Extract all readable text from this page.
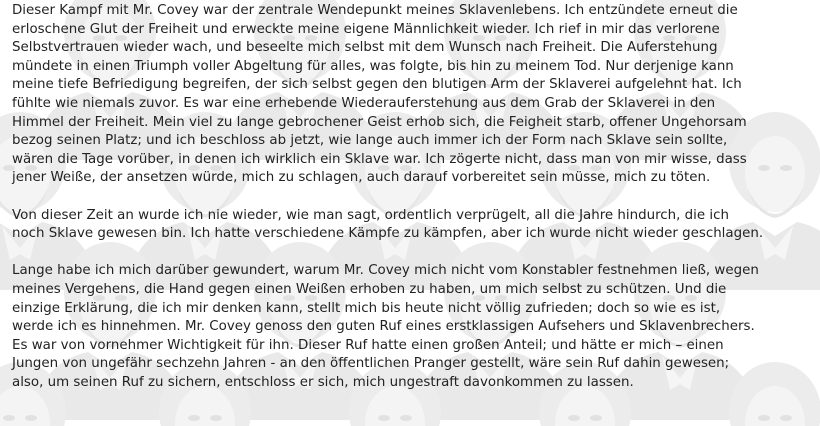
Dieser Kampf mit Mr. Covey war der zentrale Wendepunkt meines Sklavenlebens. Ich entzündete erneut die
erloschene Glut der Freiheit und erweckte meine eigene Männlichkeit wieder. Ich rief in mir das verlorene
Selbstvertrauen wieder wach, und beseelte mich selbst mit dem Wunsch nach Freiheit. Die Auferstehung
mündete in einen Triumph voller Abgeltung für alles, was folgte, bis hin zu meinem Tod. Nur derjenige kann
meine tiefe Befriedigung begreifen, der sich selbst gegen den blutigen Arm der Sklaverei aufgelehnt hat. Ich
fühlte wie niemals zuvor. Es war eine erhebende Wiederauferstehung aus dem Grab der Sklaverei in den
Himmel der Freiheit. Mein viel zu lange gebrochener Geist erhob sich, die Feigheit starb, offener Ungehorsam
bezog seinen Platz; und ich beschloss ab jetzt, wie lange auch immer ich der Form nach Sklave sein sollte,
wären die Tage vorüber, in denen ich wirklich ein Sklave war. Ich zögerte nicht, dass man von mir wisse, dass
jener Weiße, der ansetzen würde, mich zu schlagen, auch darauf vorbereitet sein müsse, mich zu töten.
Von dieser Zeit an wurde ich nie wieder, wie man sagt, ordentlich verprügelt, all die Jahre hindurch, die ich
noch Sklave gewesen bin. Ich hatte verschiedene Kämpfe zu kämpfen, aber ich wurde nicht wieder geschlagen.
Lange habe ich mich darüber gewundert, warum Mr. Covey mich nicht vom Konstabler festnehmen ließ, wegen
meines Vergehens, die Hand gegen einen Weißen erhoben zu haben, um mich selbst zu schützen. Und die
einzige Erklärung, die ich mir denken kann, stellt mich bis heute nicht völlig zufrieden; doch so wie es ist,
werde ich es hinnehmen. Mr. Covey genoss den guten Ruf eines erstklassigen Aufsehers und Sklavenbrechers.
Es war von vornehmer Wichtigkeit für ihn. Dieser Ruf hatte einen großen Anteil; und hätte er mich – einen
Jungen von ungefähr sechzehn Jahren - an den öffentlichen Pranger gestellt, wäre sein Ruf dahin gewesen;
also, um seinen Ruf zu sichern, entschloss er sich, mich ungestraft davonkommen zu lassen.
